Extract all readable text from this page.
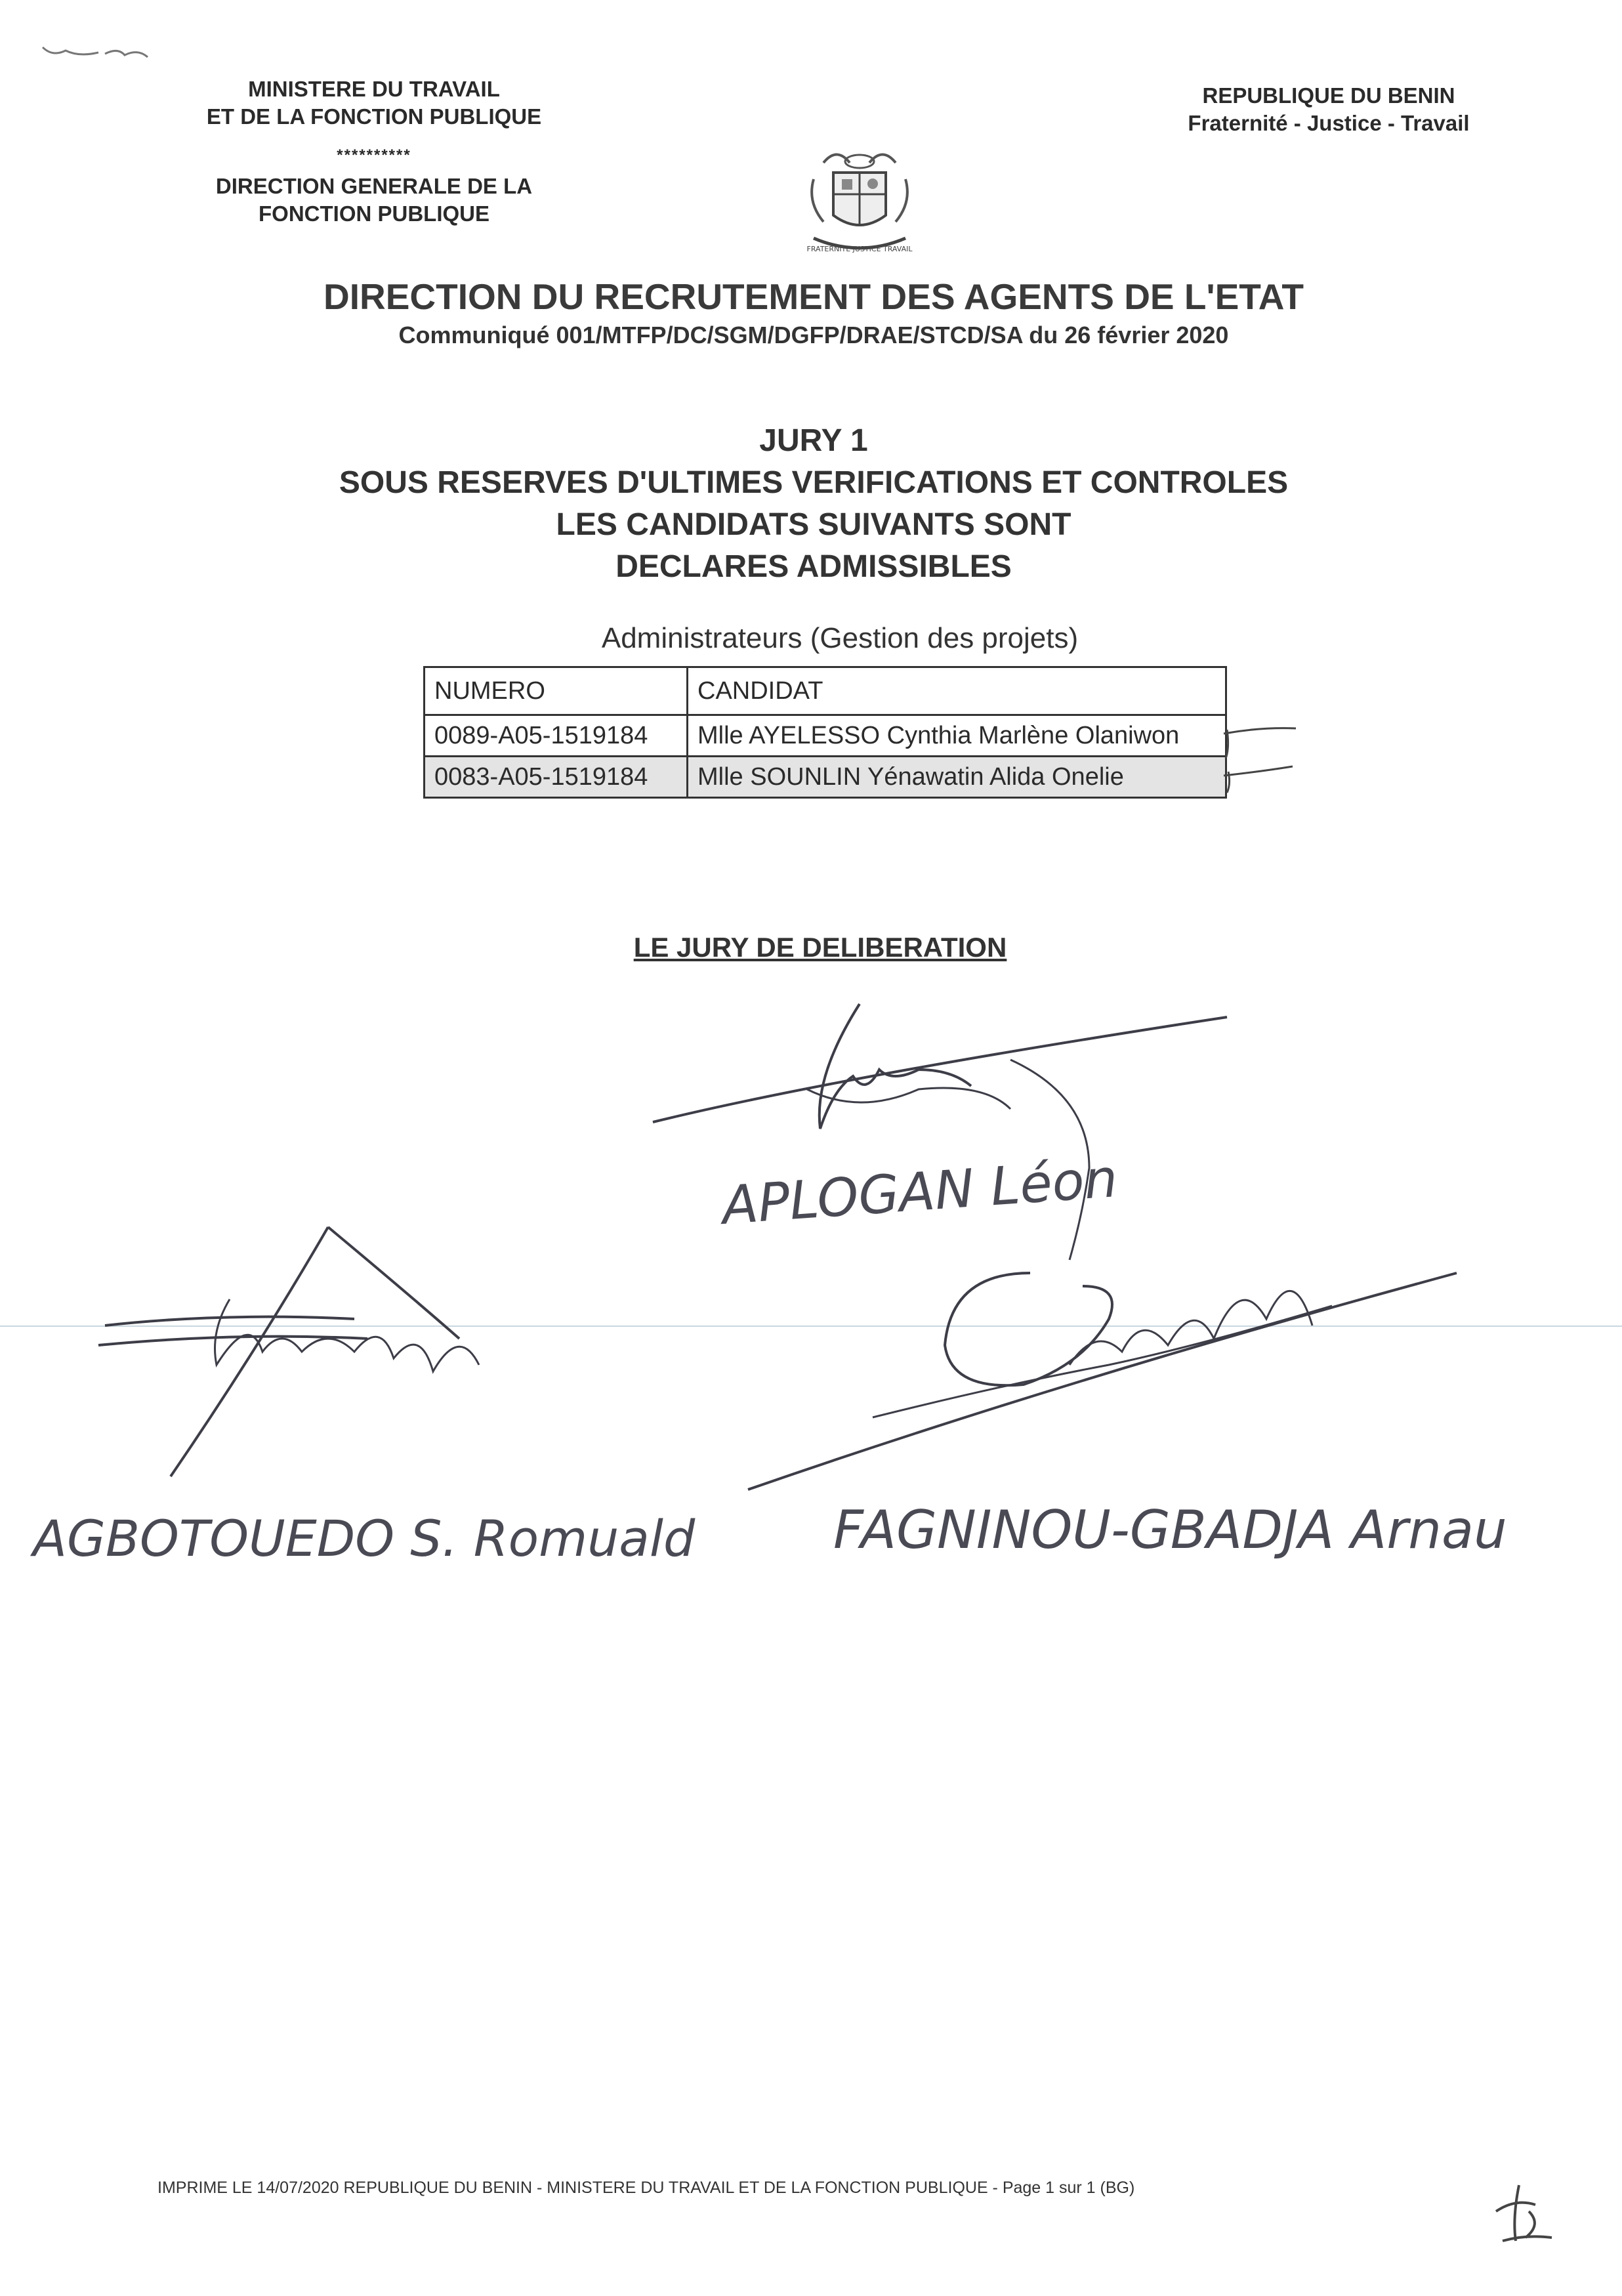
MINISTERE DU TRAVAIL
ET DE LA FONCTION PUBLIQUE
**********
DIRECTION GENERALE DE LA
FONCTION PUBLIQUE
REPUBLIQUE DU BENIN
Fraternité - Justice - Travail
FRATERNITE JUSTICE TRAVAIL
DIRECTION DU RECRUTEMENT DES AGENTS DE L'ETAT
Communiqué 001/MTFP/DC/SGM/DGFP/DRAE/STCD/SA du 26 février 2020
JURY 1
SOUS RESERVES D'ULTIMES VERIFICATIONS ET CONTROLES
LES CANDIDATS SUIVANTS SONT
DECLARES ADMISSIBLES
Administrateurs (Gestion des projets)
NUMERO	CANDIDAT
0089-A05-1519184	Mlle AYELESSO Cynthia Marlène Olaniwon
0083-A05-1519184	Mlle SOUNLIN Yénawatin Alida Onelie
LE JURY DE DELIBERATION
APLOGAN Léon
AGBOTOUEDO S. Romuald	FAGNINOU-GBADJA Arnau
IMPRIME LE 14/07/2020 REPUBLIQUE DU BENIN - MINISTERE DU TRAVAIL ET DE LA FONCTION PUBLIQUE - Page 1 sur 1 (BG)
